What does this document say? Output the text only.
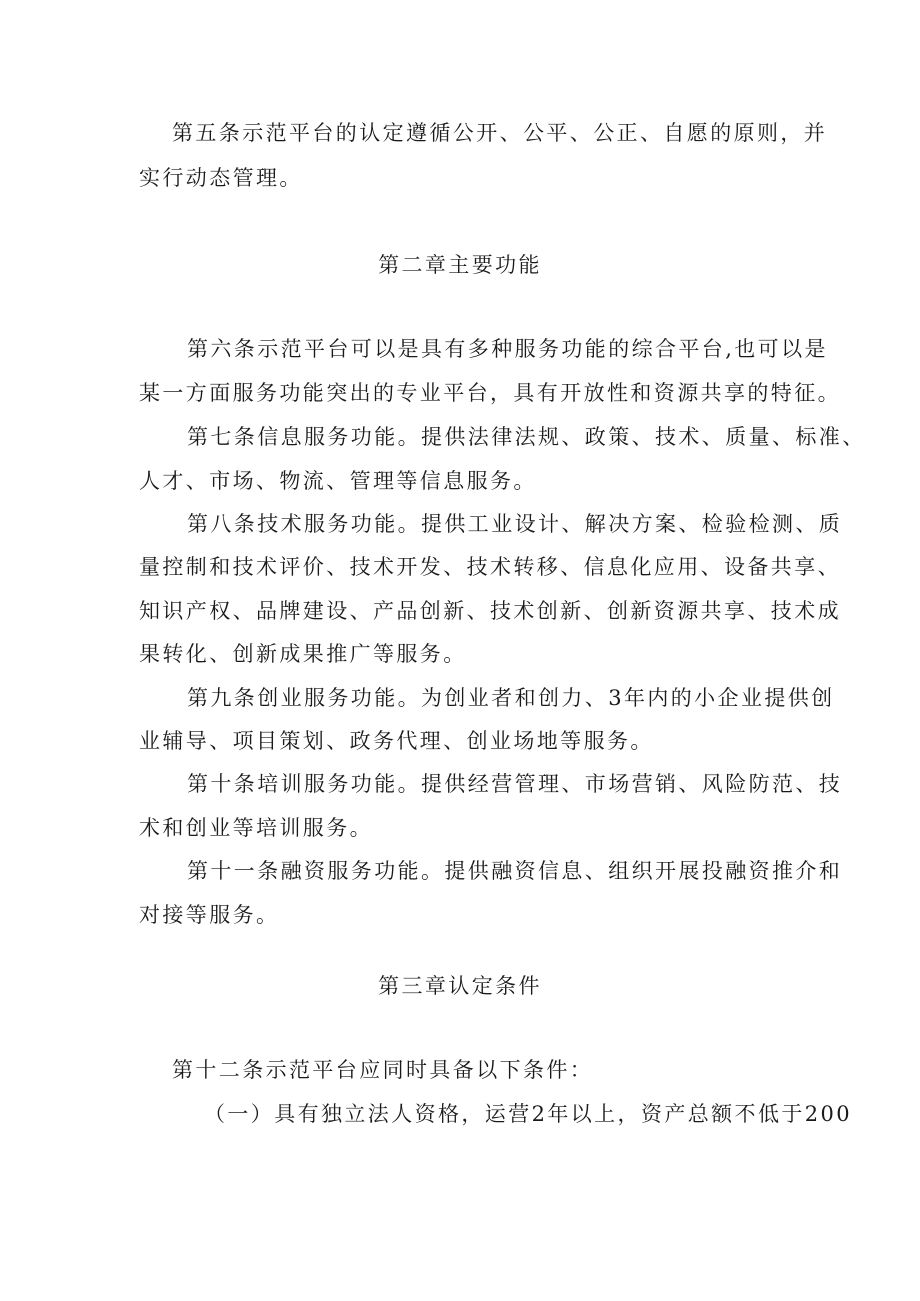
第五条示范平台的认定遵循公开、公平、公正、自愿的原则，并
实行动态管理。
第二章主要功能
第六条示范平台可以是具有多种服务功能的综合平台,也可以是
某一方面服务功能突出的专业平台，具有开放性和资源共享的特征。
第七条信息服务功能。提供法律法规、政策、技术、质量、标准、
人才、市场、物流、管理等信息服务。
第八条技术服务功能。提供工业设计、解决方案、检验检测、质
量控制和技术评价、技术开发、技术转移、信息化应用、设备共享、
知识产权、品牌建设、产品创新、技术创新、创新资源共享、技术成
果转化、创新成果推广等服务。
第九条创业服务功能。为创业者和创力、3年内的小企业提供创
业辅导、项目策划、政务代理、创业场地等服务。
第十条培训服务功能。提供经营管理、市场营销、风险防范、技
术和创业等培训服务。
第十一条融资服务功能。提供融资信息、组织开展投融资推介和
对接等服务。
第三章认定条件
第十二条示范平台应同时具备以下条件：
（一）具有独立法人资格，运营2年以上，资产总额不低于200
